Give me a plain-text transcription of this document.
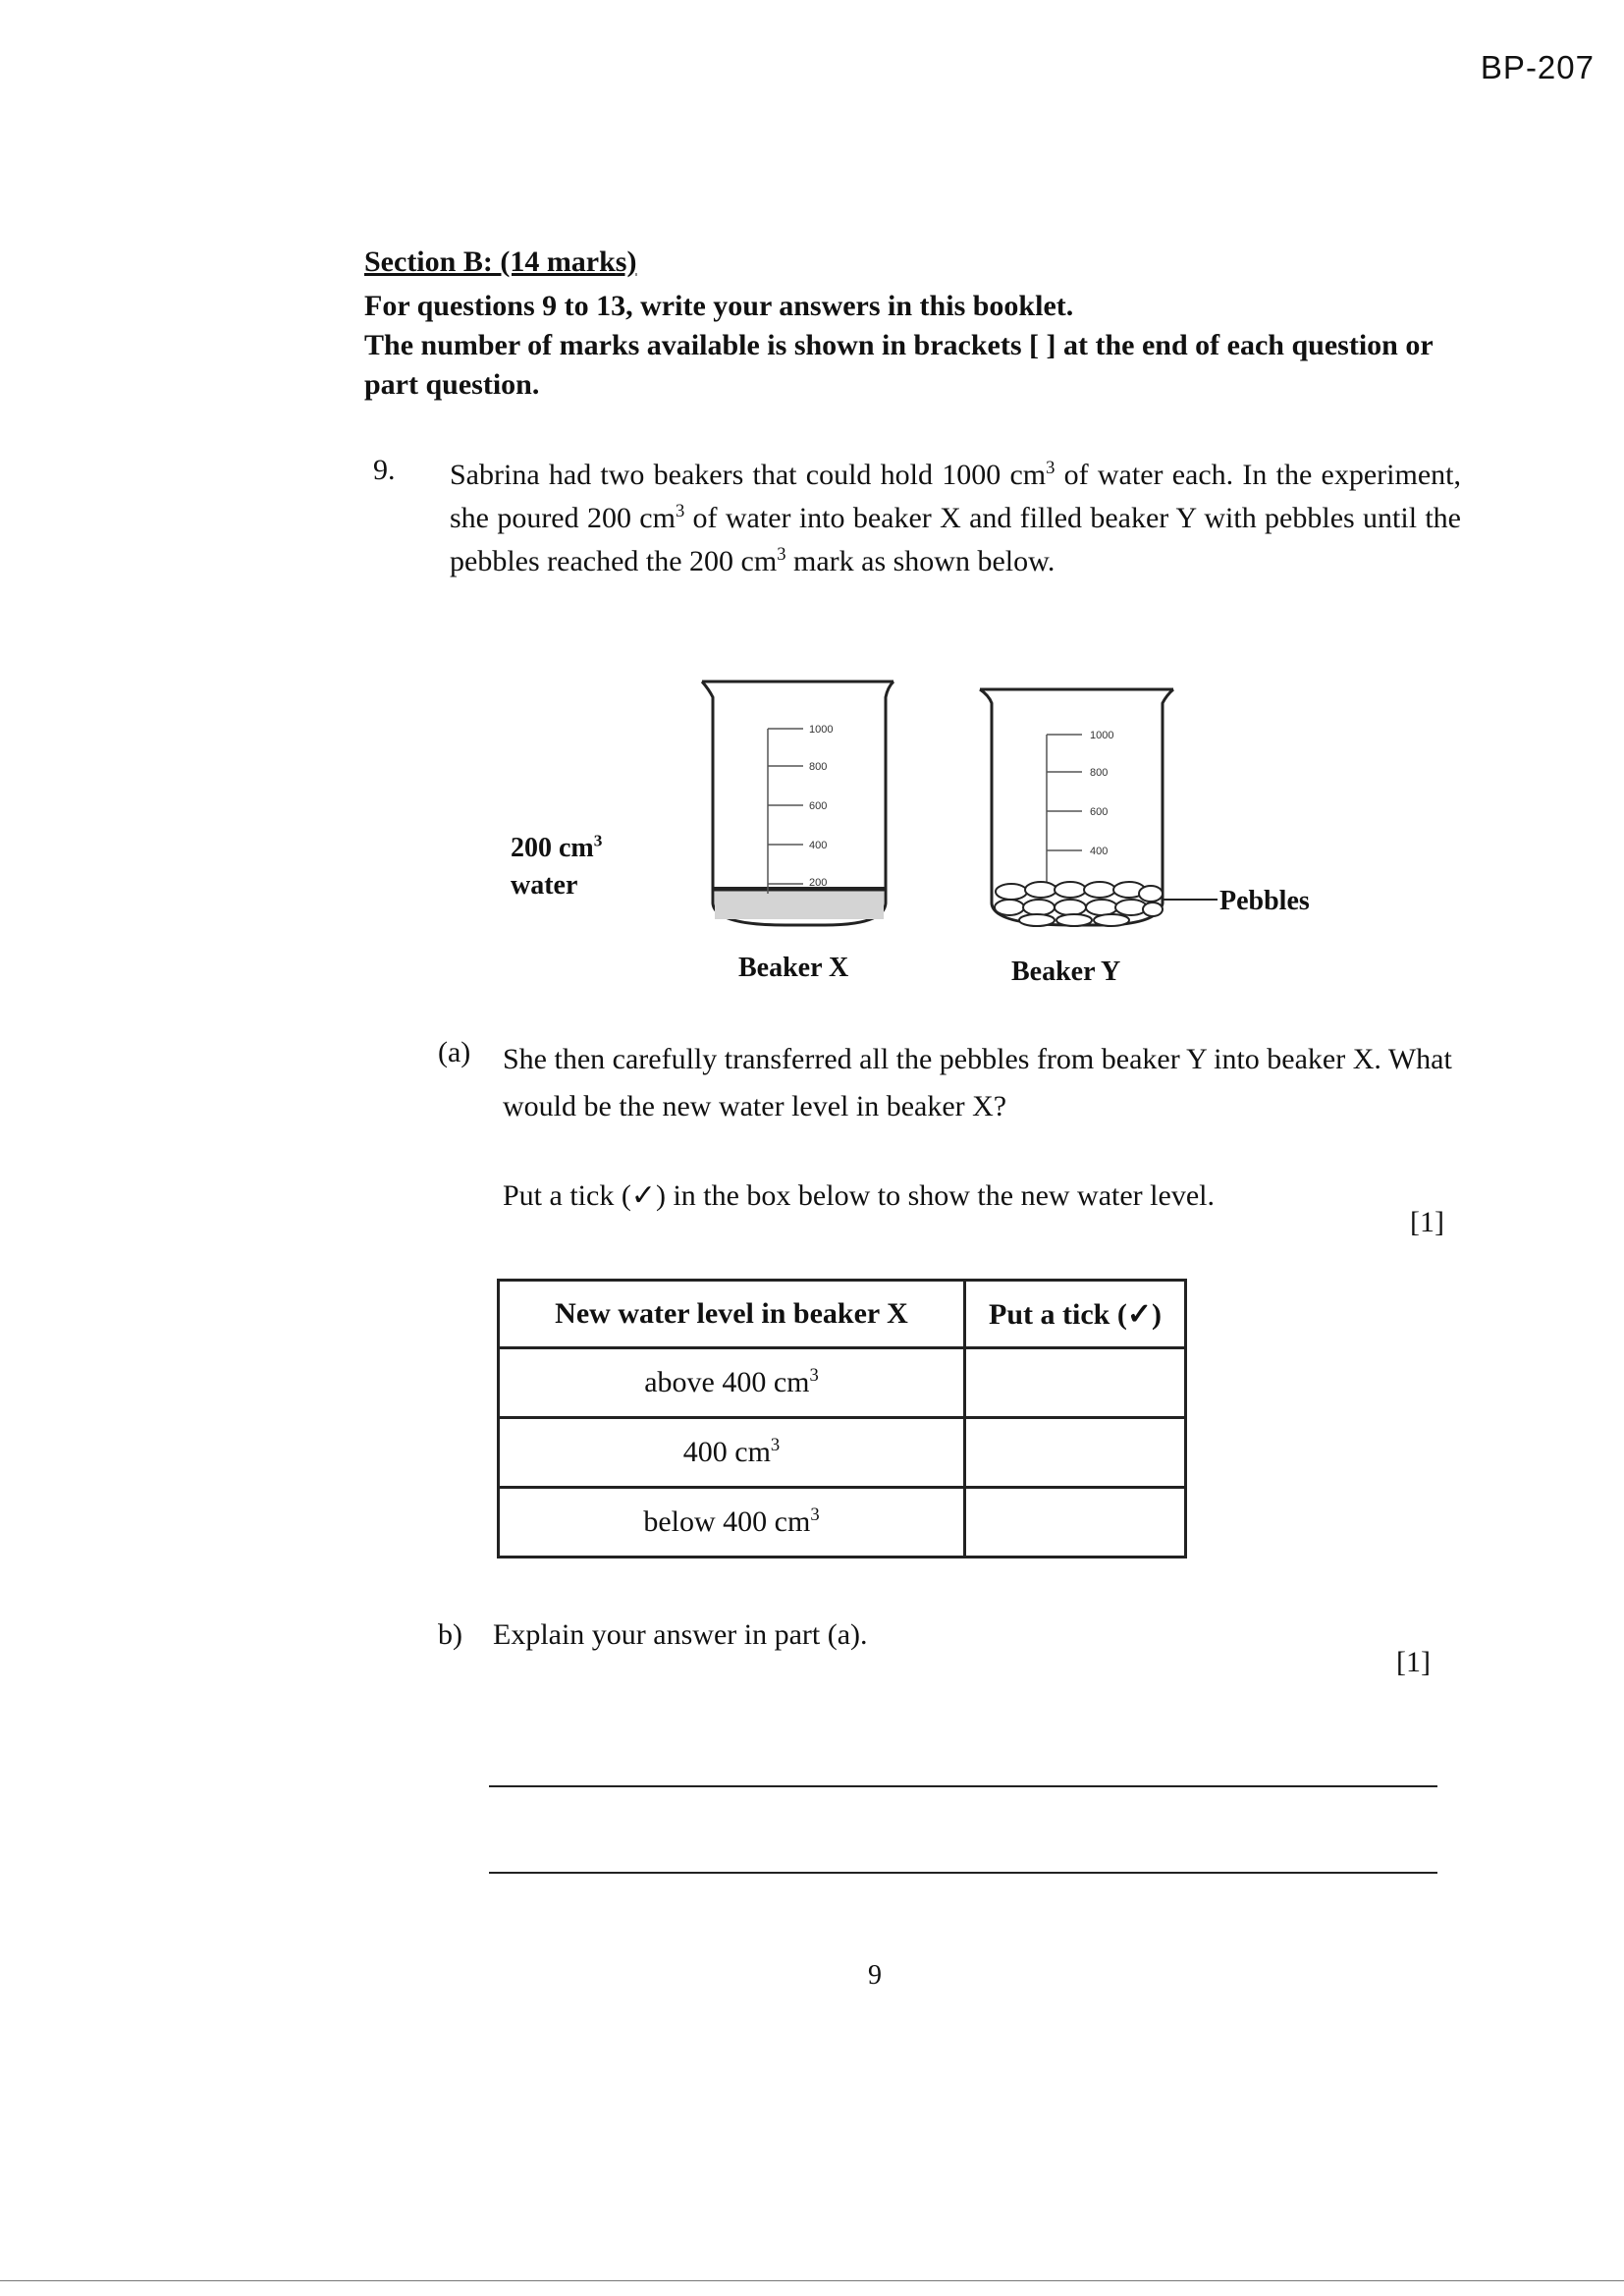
BP-207
Section B: (14 marks)
For questions 9 to 13, write your answers in this booklet.
The number of marks available is shown in brackets [ ] at the end of each question or part question.
9. Sabrina had two beakers that could hold 1000 $cm^3$ of water each. In the experiment, she poured 200 $cm^3$ of water into beaker X and filled beaker Y with pebbles until the pebbles reached the 200 $cm^3$ mark as shown below.
1000
800
600
400
200
1000
800
600
400
200 $cm^3$
water
Pebbles
Beaker X	Beaker Y
(a) She then carefully transferred all the pebbles from beaker Y into beaker X. What would be the new water level in beaker X?
Put a tick (✓) in the box below to show the new water level.
[1]
New water level in beaker X	Put a tick (✓)
above 400 $cm^3$	
400 $cm^3$	
below 400 $cm^3$	
b) Explain your answer in part (a).
[1]
9
